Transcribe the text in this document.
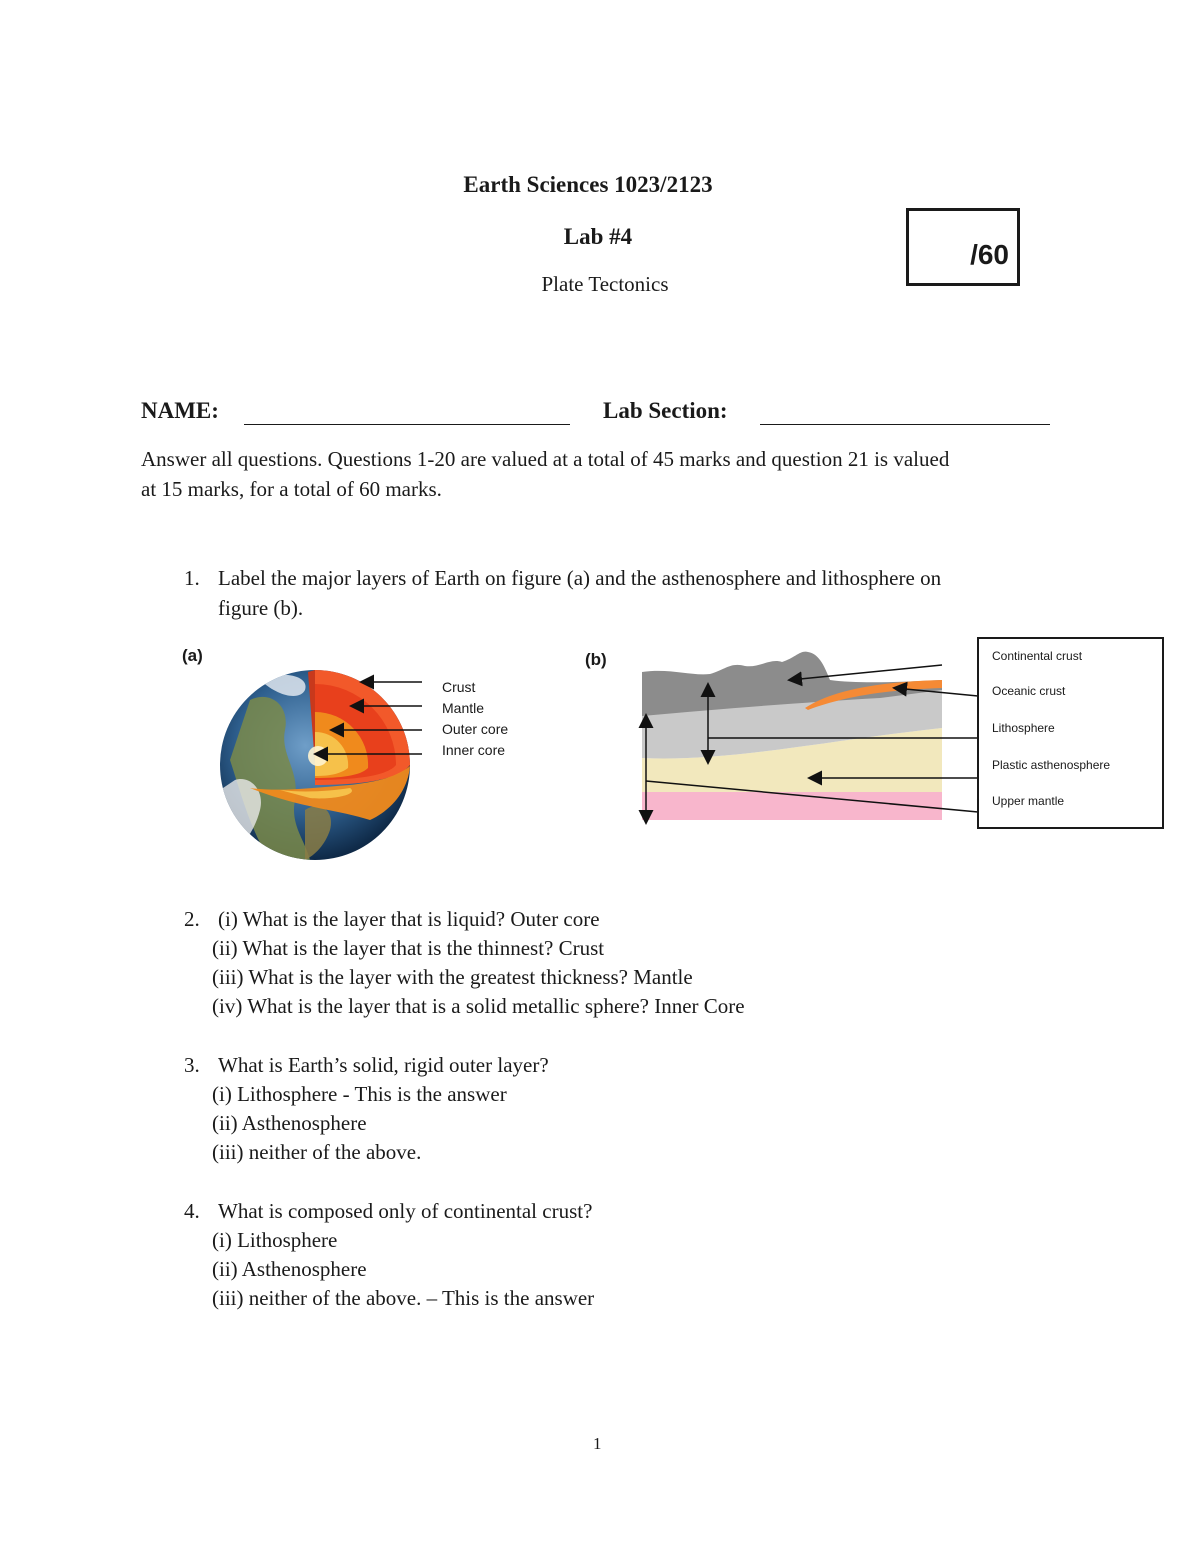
Earth Sciences 1023/2123
Lab #4
Plate Tectonics
/60
NAME:	Lab Section:
Answer all questions. Questions 1-20 are valued at a total of 45 marks and question 21 is valued
at 15 marks, for a total of 60 marks.
1. Label the major layers of Earth on figure (a) and the asthenosphere and lithosphere on
figure (b).
(a)
Crust
Mantle
Outer core
Inner core
(b)	Continental crust
Oceanic crust
Lithosphere
Plastic asthenosphere
Upper mantle
2. (i) What is the layer that is liquid? Outer core
(ii) What is the layer that is the thinnest? Crust
(iii) What is the layer with the greatest thickness? Mantle
(iv) What is the layer that is a solid metallic sphere? Inner Core
3. What is Earth’s solid, rigid outer layer?
(i) Lithosphere - This is the answer
(ii) Asthenosphere
(iii) neither of the above.
4. What is composed only of continental crust?
(i) Lithosphere
(ii) Asthenosphere
(iii) neither of the above. – This is the answer
1
